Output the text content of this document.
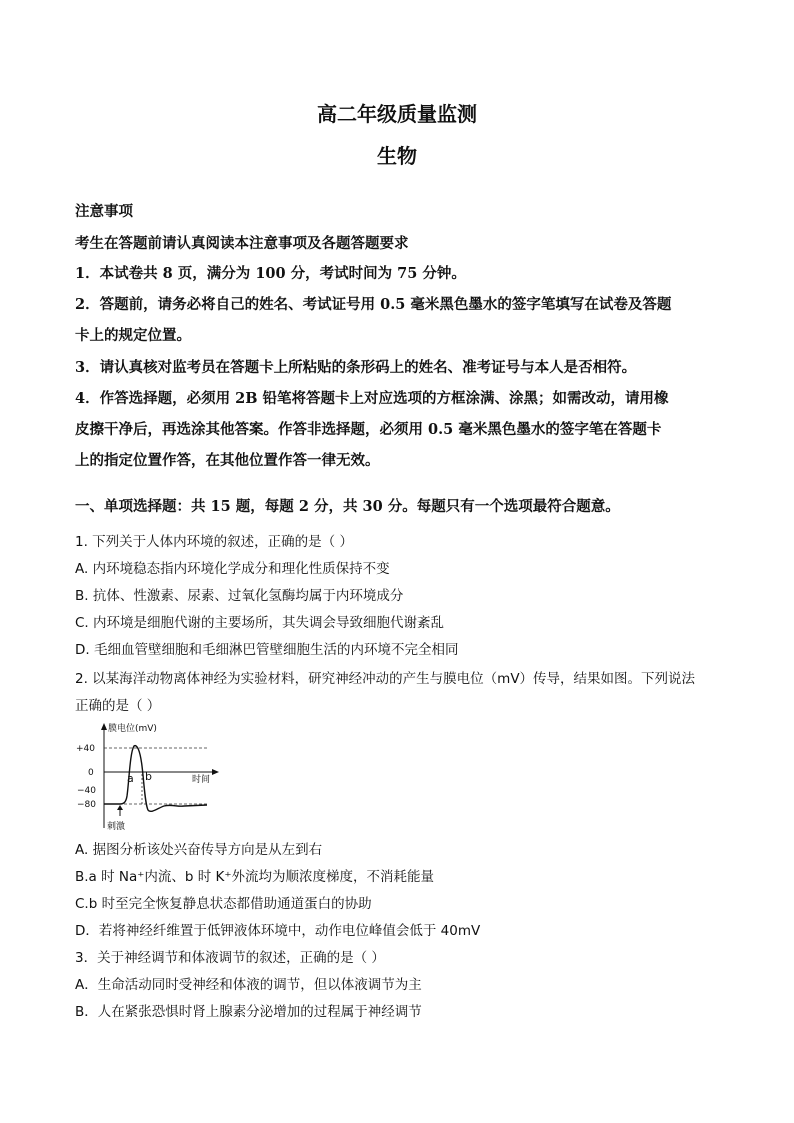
高二年级质量监测
生物
注意事项
考生在答题前请认真阅读本注意事项及各题答题要求
1．本试卷共 8 页，满分为 100 分，考试时间为 75 分钟。
2．答题前，请务必将自己的姓名、考试证号用 0.5 毫米黑色墨水的签字笔填写在试卷及答题
卡上的规定位置。
3．请认真核对监考员在答题卡上所粘贴的条形码上的姓名、准考证号与本人是否相符。
4．作答选择题，必须用 2B 铅笔将答题卡上对应选项的方框涂满、涂黑；如需改动，请用橡
皮擦干净后，再选涂其他答案。作答非选择题，必须用 0.5 毫米黑色墨水的签字笔在答题卡
上的指定位置作答，在其他位置作答一律无效。
一、单项选择题：共 15 题，每题 2 分，共 30 分。每题只有一个选项最符合题意。
1. 下列关于人体内环境的叙述，正确的是（ ）
A. 内环境稳态指内环境化学成分和理化性质保持不变
B. 抗体、性激素、尿素、过氧化氢酶均属于内环境成分
C. 内环境是细胞代谢的主要场所，其失调会导致细胞代谢紊乱
D. 毛细血管壁细胞和毛细淋巴管壁细胞生活的内环境不完全相同
2. 以某海洋动物离体神经为实验材料，研究神经冲动的产生与膜电位（mV）传导，结果如图。下列说法
正确的是（ ）
膜电位(mV)
+40
0
−40
−80
时间
a b
刺激
A. 据图分析该处兴奋传导方向是从左到右
B.a 时 Na⁺内流、b 时 K⁺外流均为顺浓度梯度，不消耗能量
C.b 时至完全恢复静息状态都借助通道蛋白的协助
D．若将神经纤维置于低钾液体环境中，动作电位峰值会低于 40mV
3．关于神经调节和体液调节的叙述，正确的是（ ）
A．生命活动同时受神经和体液的调节，但以体液调节为主
B．人在紧张恐惧时肾上腺素分泌增加的过程属于神经调节
